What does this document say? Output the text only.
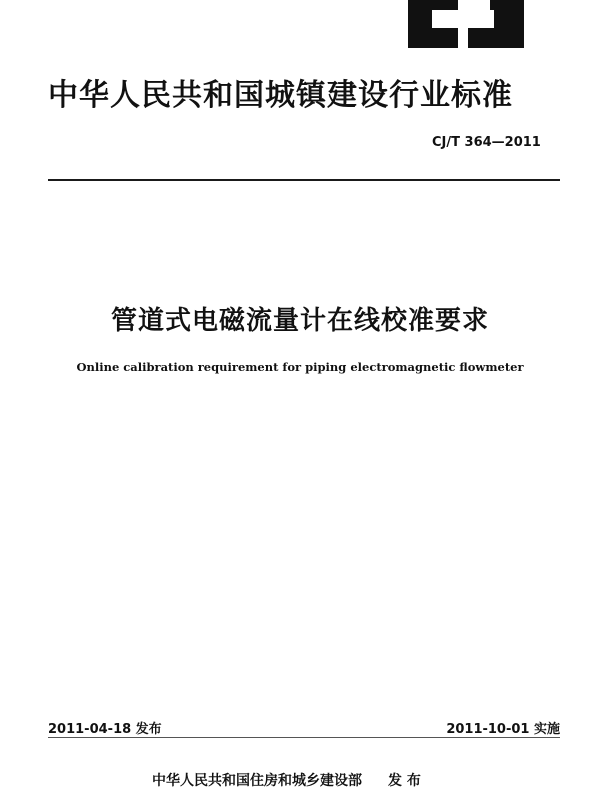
中华人民共和国城镇建设行业标准
CJ/T 364—2011
管道式电磁流量计在线校准要求
Online calibration requirement for piping electromagnetic flowmeter
2011-04-18 发布	2011-10-01 实施
中华人民共和国住房和城乡建设部 发 布
